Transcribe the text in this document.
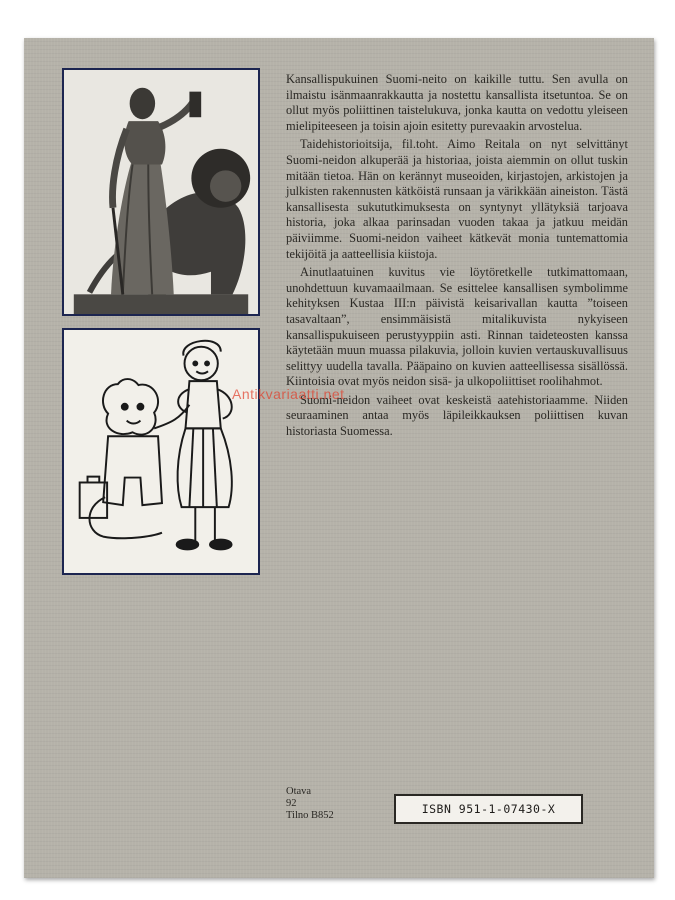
Kansallispukuinen Suomi-neito on kaikille tuttu. Sen avulla on ilmaistu isänmaanrakkautta ja nostettu kansallista itsetuntoa. Se on ollut myös poliittinen taistelukuva, jonka kautta on vedottu yleiseen mielipiteeseen ja toisin ajoin esitetty purevaakin arvostelua.

Taidehistorioitsija, fil.toht. Aimo Reitala on nyt selvittänyt Suomi-neidon alkuperää ja historiaa, joista aiemmin on ollut tuskin mitään tietoa. Hän on kerännyt museoiden, kirjastojen, arkistojen ja julkisten rakennusten kätköistä runsaan ja värikkään aineiston. Tästä kansallisesta sukututkimuksesta on syntynyt yllätyksiä tarjoava historia, joka alkaa parinsadan vuoden takaa ja jatkuu meidän päiviimme. Suomi-neidon vaiheet kätkevät monia tuntemattomia tekijöitä ja aatteellisia kiistoja.

Ainutlaatuinen kuvitus vie löytöretkelle tutkimattomaan, unohdettuun kuvamaailmaan. Se esittelee kansallisen symbolimme kehityksen Kustaa III:n päivistä keisarivallan kautta ”toiseen tasavaltaan”, ensimmäisistä mitalikuvista nykyiseen kansallispukuiseen perustyyppiin asti. Rinnan taideteosten kanssa käytetään muun muassa pilakuvia, jolloin kuvien vertauskuvallisuus selittyy uudella tavalla. Pääpaino on kuvien aatteellisessa sisällössä. Kiintoisia ovat myös neidon sisä- ja ulkopoliittiset roolihahmot.

Suomi-neidon vaiheet ovat keskeistä aatehistoriaamme. Niiden seuraaminen antaa myös läpileikkauksen poliittisen kuvan historiasta Suomessa.

Otava
92
Tilno B852	ISBN 951-1-07430-X
Antikvariaatti.net
